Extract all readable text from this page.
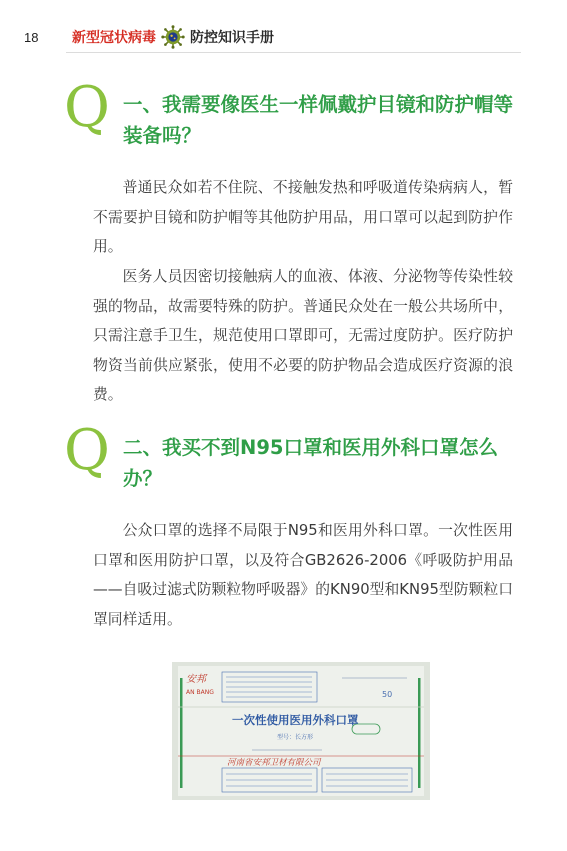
18 新型冠状病毒 防控知识手册
Q 一、我需要像医生一样佩戴护目镜和防护帽等装备吗？

普通民众如若不住院、不接触发热和呼吸道传染病病人，暂不需要护目镜和防护帽等其他防护用品，用口罩可以起到防护作用。

医务人员因密切接触病人的血液、体液、分泌物等传染性较强的物品，故需要特殊的防护。普通民众处在一般公共场所中，只需注意手卫生，规范使用口罩即可，无需过度防护。医疗防护物资当前供应紧张，使用不必要的防护物品会造成医疗资源的浪费。

Q 二、我买不到N95口罩和医用外科口罩怎么办？

公众口罩的选择不局限于N95和医用外科口罩。一次性医用口罩和医用防护口罩，以及符合GB2626-2006《呼吸防护用品——自吸过滤式防颗粒物呼吸器》的KN90型和KN95型防颗粒口罩同样适用。

50
安邦
AN BANG
一次性使用医用外科口罩
型号：长方形
河南省安邦卫材有限公司
